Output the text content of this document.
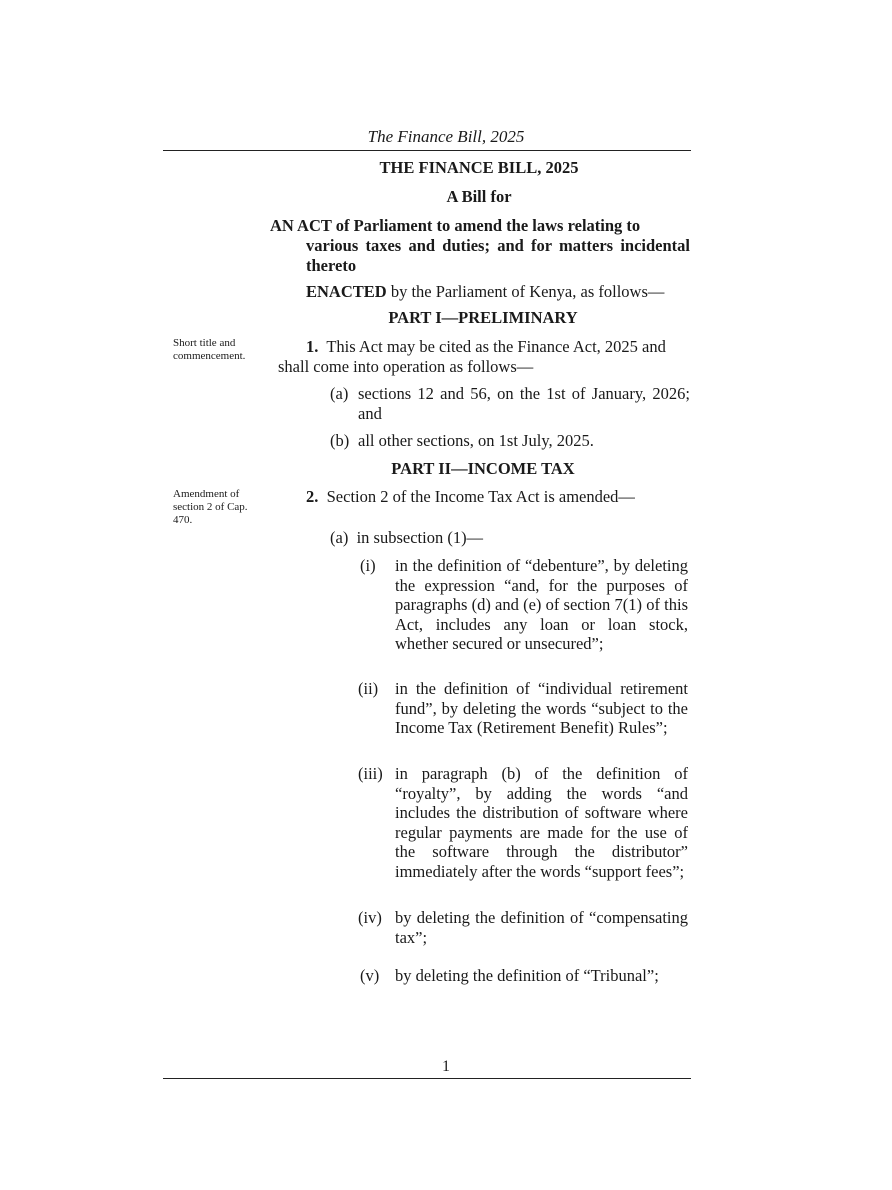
The Finance Bill, 2025
THE FINANCE BILL, 2025
A Bill for
AN ACT of Parliament to amend the laws relating to
various taxes and duties; and for matters incidental thereto
ENACTED by the Parliament of Kenya, as follows—
PART I—PRELIMINARY
Short title and commencement.	1. This Act may be cited as the Finance Act, 2025 and
shall come into operation as follows—
(a) sections 12 and 56, on the 1st of January, 2026; and
(b) all other sections, on 1st July, 2025.
PART II—INCOME TAX
Amendment of section 2 of Cap. 470.
2. Section 2 of the Income Tax Act is amended—
(a) in subsection (1)—
(i) in the definition of “debenture”, by deleting the expression “and, for the purposes of paragraphs (d) and (e) of section 7(1) of this Act, includes any loan or loan stock, whether secured or unsecured”;
(ii) in the definition of “individual retirement fund”, by deleting the words “subject to the Income Tax (Retirement Benefit) Rules”;
(iii) in paragraph (b) of the definition of “royalty”, by adding the words “and includes the distribution of software where regular payments are made for the use of the software through the distributor” immediately after the words “support fees”;
(iv) by deleting the definition of “compensating tax”;
(v) by deleting the definition of “Tribunal”;
1
